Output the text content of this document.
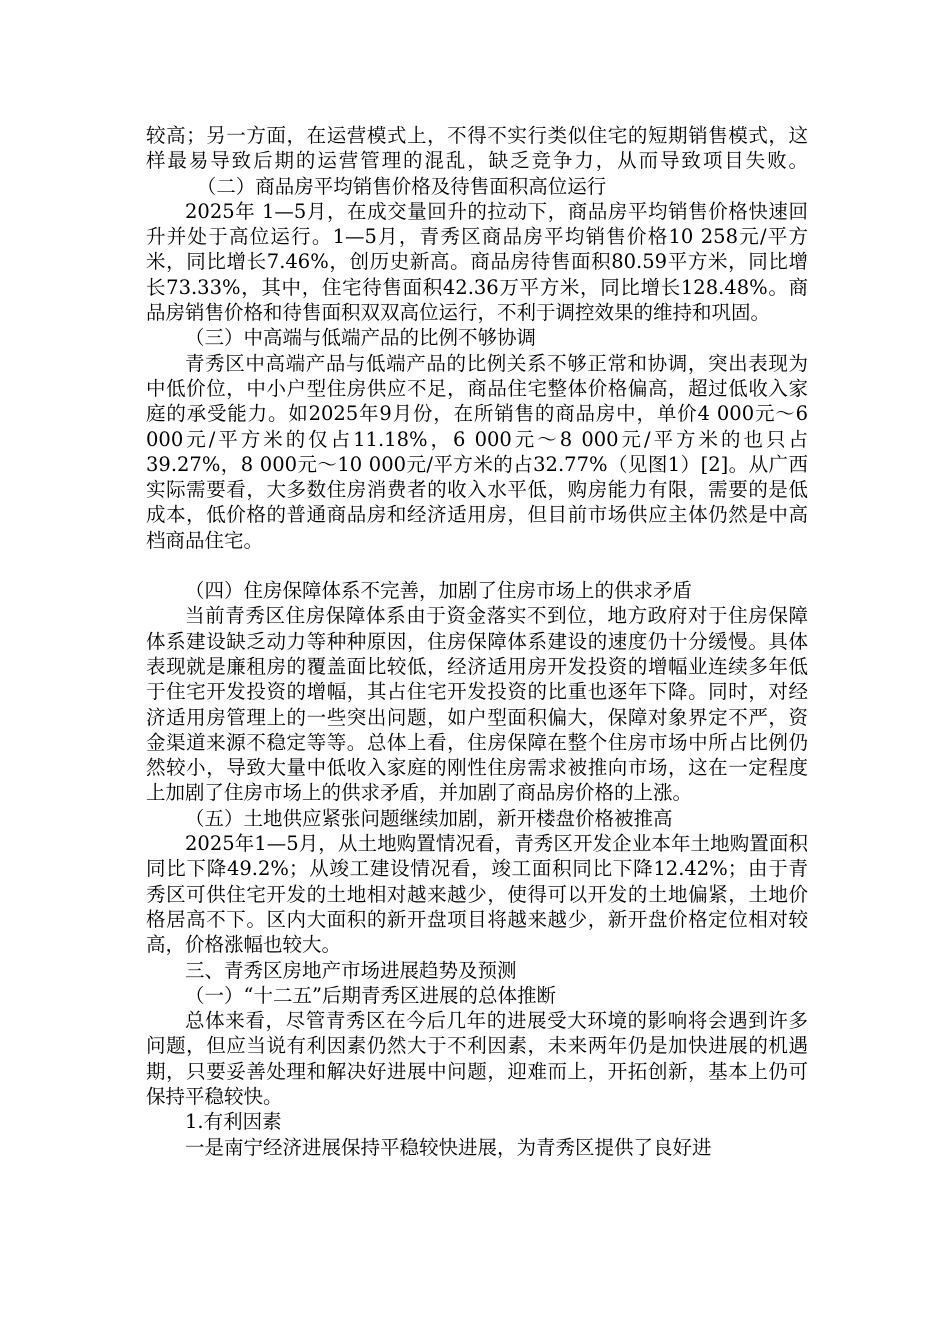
较高；另一方面，在运营模式上，不得不实行类似住宅的短期销售模式，这样最易导致后期的运营管理的混乱，缺乏竞争力，从而导致项目失败。（二）商品房平均销售价格及待售面积高位运行

2025年 1—5月，在成交量回升的拉动下，商品房平均销售价格快速回升并处于高位运行。1—5月，青秀区商品房平均销售价格10 258元/平方米，同比增长7.46%，创历史新高。商品房待售面积80.59平方米，同比增长73.33%，其中，住宅待售面积42.36万平方米，同比增长128.48%。商品房销售价格和待售面积双双高位运行，不利于调控效果的维持和巩固。

（三）中高端与低端产品的比例不够协调

青秀区中高端产品与低端产品的比例关系不够正常和协调，突出表现为中低价位，中小户型住房供应不足，商品住宅整体价格偏高，超过低收入家庭的承受能力。如2025年9月份，在所销售的商品房中，单价4 000元～6 000元/平方米的仅占11.18%，6 000元～8 000元/平方米的也只占39.27%，8 000元～10 000元/平方米的占32.77%（见图1）[2]。从广西实际需要看，大多数住房消费者的收入水平低，购房能力有限，需要的是低成本，低价格的普通商品房和经济适用房，但目前市场供应主体仍然是中高档商品住宅。

（四）住房保障体系不完善，加剧了住房市场上的供求矛盾

当前青秀区住房保障体系由于资金落实不到位，地方政府对于住房保障体系建设缺乏动力等种种原因，住房保障体系建设的速度仍十分缓慢。具体表现就是廉租房的覆盖面比较低，经济适用房开发投资的增幅业连续多年低于住宅开发投资的增幅，其占住宅开发投资的比重也逐年下降。同时，对经济适用房管理上的一些突出问题，如户型面积偏大，保障对象界定不严，资金渠道来源不稳定等等。总体上看，住房保障在整个住房市场中所占比例仍然较小，导致大量中低收入家庭的刚性住房需求被推向市场，这在一定程度上加剧了住房市场上的供求矛盾，并加剧了商品房价格的上涨。

（五）土地供应紧张问题继续加剧，新开楼盘价格被推高

2025年1—5月，从土地购置情况看，青秀区开发企业本年土地购置面积同比下降49.2%；从竣工建设情况看，竣工面积同比下降12.42%；由于青秀区可供住宅开发的土地相对越来越少，使得可以开发的土地偏紧，土地价格居高不下。区内大面积的新开盘项目将越来越少，新开盘价格定位相对较高，价格涨幅也较大。

三、青秀区房地产市场进展趋势及预测

（一）“十二五”后期青秀区进展的总体推断

总体来看，尽管青秀区在今后几年的进展受大环境的影响将会遇到许多问题，但应当说有利因素仍然大于不利因素，未来两年仍是加快进展的机遇期，只要妥善处理和解决好进展中问题，迎难而上，开拓创新，基本上仍可保持平稳较快。

1.有利因素

一是南宁经济进展保持平稳较快进展，为青秀区提供了良好进
